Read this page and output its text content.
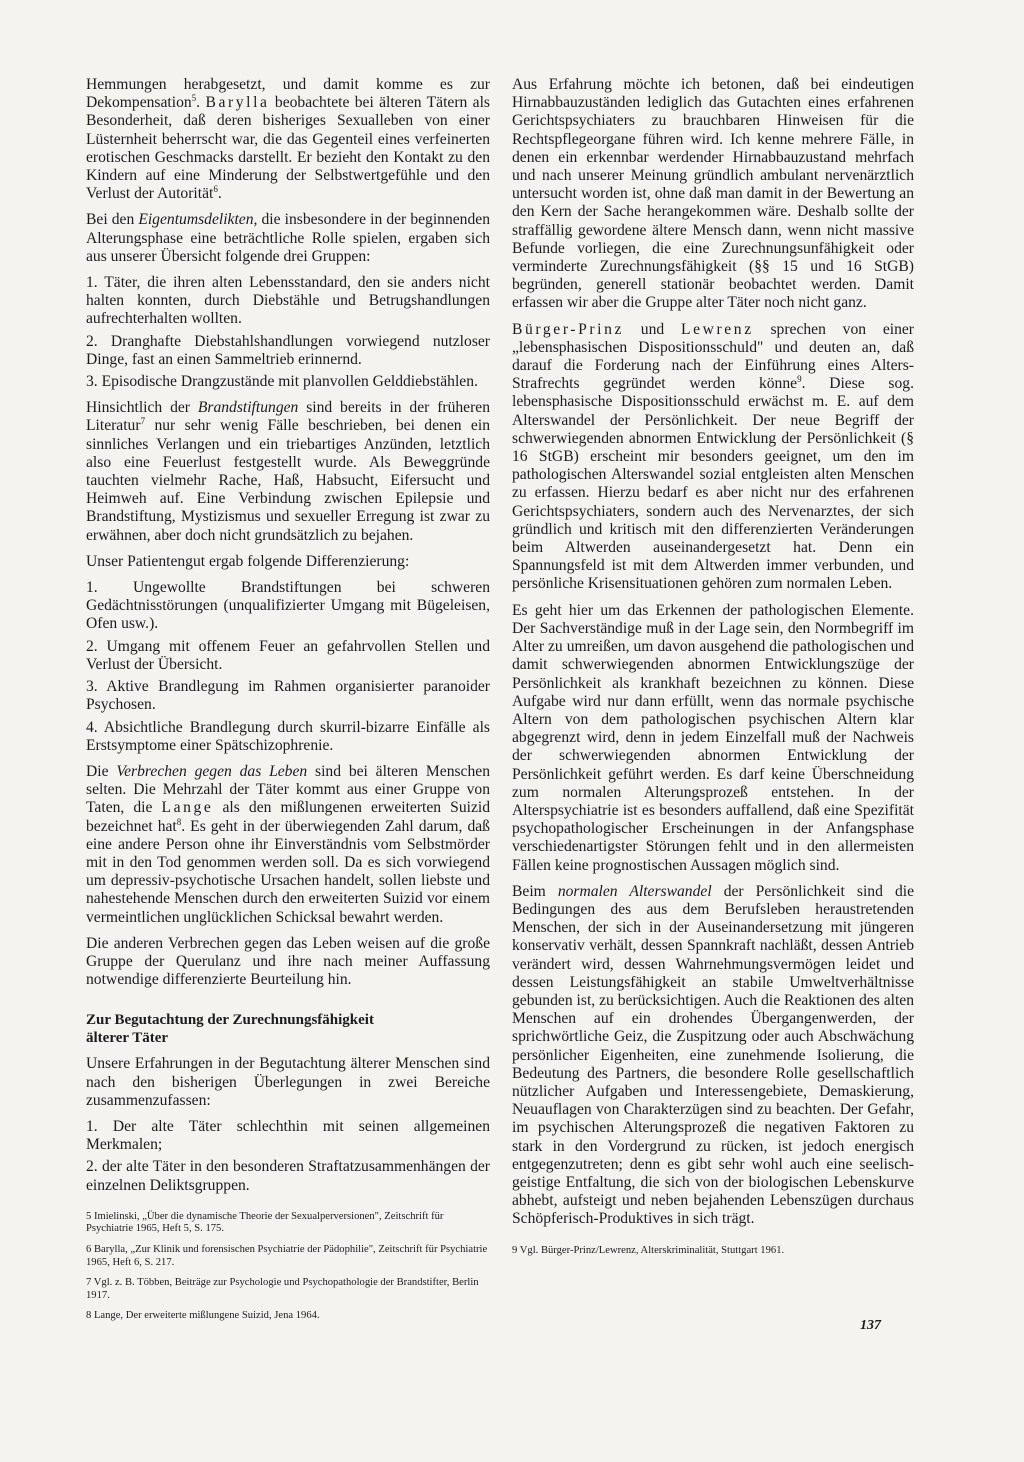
Hemmungen herabgesetzt, und damit komme es zur Dekompensation$^5$. Barylla beobachtete bei älteren Tätern als Besonderheit, daß deren bisheriges Sexualleben von einer Lüsternheit beherrscht war, die das Gegenteil eines verfeinerten erotischen Geschmacks darstellt. Er bezieht den Kontakt zu den Kindern auf eine Minderung der Selbstwertgefühle und den Verlust der Autorität$^6$.

Bei den Eigentumsdelikten, die insbesondere in der beginnenden Alterungsphase eine beträchtliche Rolle spielen, ergaben sich aus unserer Übersicht folgende drei Gruppen:

1. Täter, die ihren alten Lebensstandard, den sie anders nicht halten konnten, durch Diebstähle und Betrugshandlungen aufrechterhalten wollten.

2. Dranghafte Diebstahlshandlungen vorwiegend nutzloser Dinge, fast an einen Sammeltrieb erinnernd.

3. Episodische Drangzustände mit planvollen Gelddiebstählen.

Hinsichtlich der Brandstiftungen sind bereits in der früheren Literatur$^7$ nur sehr wenig Fälle beschrieben, bei denen ein sinnliches Verlangen und ein triebartiges Anzünden, letztlich also eine Feuerlust festgestellt wurde. Als Beweggründe tauchten vielmehr Rache, Haß, Habsucht, Eifersucht und Heimweh auf. Eine Verbindung zwischen Epilepsie und Brandstiftung, Mystizismus und sexueller Erregung ist zwar zu erwähnen, aber doch nicht grundsätzlich zu bejahen.

Unser Patientengut ergab folgende Differenzierung:

1. Ungewollte Brandstiftungen bei schweren Gedächtnisstörungen (unqualifizierter Umgang mit Bügeleisen, Ofen usw.).

2. Umgang mit offenem Feuer an gefahrvollen Stellen und Verlust der Übersicht.

3. Aktive Brandlegung im Rahmen organisierter paranoider Psychosen.

4. Absichtliche Brandlegung durch skurril-bizarre Einfälle als Erstsymptome einer Spätschizophrenie.

Die Verbrechen gegen das Leben sind bei älteren Menschen selten. Die Mehrzahl der Täter kommt aus einer Gruppe von Taten, die Lange als den mißlungenen erweiterten Suizid bezeichnet hat$^8$. Es geht in der überwiegenden Zahl darum, daß eine andere Person ohne ihr Einverständnis vom Selbstmörder mit in den Tod genommen werden soll. Da es sich vorwiegend um depressiv-psychotische Ursachen handelt, sollen liebste und nahestehende Menschen durch den erweiterten Suizid vor einem vermeintlichen unglücklichen Schicksal bewahrt werden.

Die anderen Verbrechen gegen das Leben weisen auf die große Gruppe der Querulanz und ihre nach meiner Auffassung notwendige differenzierte Beurteilung hin.

Zur Begutachtung der Zurechnungsfähigkeit
älterer Täter

Unsere Erfahrungen in der Begutachtung älterer Menschen sind nach den bisherigen Überlegungen in zwei Bereiche zusammenzufassen:

1. Der alte Täter schlechthin mit seinen allgemeinen Merkmalen;

2. der alte Täter in den besonderen Straftatzusammenhängen der einzelnen Deliktsgruppen.

5 Imielinski, „Über die dynamische Theorie der Sexualperversionen", Zeitschrift für Psychiatrie 1965, Heft 5, S. 175.

6 Barylla, „Zur Klinik und forensischen Psychiatrie der Pädophilie", Zeitschrift für Psychiatrie 1965, Heft 6, S. 217.

7 Vgl. z. B. Többen, Beiträge zur Psychologie und Psychopathologie der Brandstifter, Berlin 1917.

8 Lange, Der erweiterte mißlungene Suizid, Jena 1964.

Aus Erfahrung möchte ich betonen, daß bei eindeutigen Hirnabbauzuständen lediglich das Gutachten eines erfahrenen Gerichtspsychiaters zu brauchbaren Hinweisen für die Rechtspflegeorgane führen wird. Ich kenne mehrere Fälle, in denen ein erkennbar werdender Hirnabbauzustand mehrfach und nach unserer Meinung gründlich ambulant nervenärztlich untersucht worden ist, ohne daß man damit in der Bewertung an den Kern der Sache herangekommen wäre. Deshalb sollte der straffällig gewordene ältere Mensch dann, wenn nicht massive Befunde vorliegen, die eine Zurechnungsunfähigkeit oder verminderte Zurechnungsfähigkeit (§§ 15 und 16 StGB) begründen, generell stationär beobachtet werden. Damit erfassen wir aber die Gruppe alter Täter noch nicht ganz.

Bürger-Prinz und Lewrenz sprechen von einer „lebensphasischen Dispositionsschuld" und deuten an, daß darauf die Forderung nach der Einführung eines Alters-Strafrechts gegründet werden könne$^9$. Diese sog. lebensphasische Dispositionsschuld erwächst m. E. auf dem Alterswandel der Persönlichkeit. Der neue Begriff der schwerwiegenden abnormen Entwicklung der Persönlichkeit (§ 16 StGB) erscheint mir besonders geeignet, um den im pathologischen Alterswandel sozial entgleisten alten Menschen zu erfassen. Hierzu bedarf es aber nicht nur des erfahrenen Gerichtspsychiaters, sondern auch des Nervenarztes, der sich gründlich und kritisch mit den differenzierten Veränderungen beim Altwerden auseinandergesetzt hat. Denn ein Spannungsfeld ist mit dem Altwerden immer verbunden, und persönliche Krisensituationen gehören zum normalen Leben.

Es geht hier um das Erkennen der pathologischen Elemente. Der Sachverständige muß in der Lage sein, den Normbegriff im Alter zu umreißen, um davon ausgehend die pathologischen und damit schwerwiegenden abnormen Entwicklungszüge der Persönlichkeit als krankhaft bezeichnen zu können. Diese Aufgabe wird nur dann erfüllt, wenn das normale psychische Altern von dem pathologischen psychischen Altern klar abgegrenzt wird, denn in jedem Einzelfall muß der Nachweis der schwerwiegenden abnormen Entwicklung der Persönlichkeit geführt werden. Es darf keine Überschneidung zum normalen Alterungsprozeß entstehen. In der Alterspsychiatrie ist es besonders auffallend, daß eine Spezifität psychopathologischer Erscheinungen in der Anfangsphase verschiedenartigster Störungen fehlt und in den allermeisten Fällen keine prognostischen Aussagen möglich sind.

Beim normalen Alterswandel der Persönlichkeit sind die Bedingungen des aus dem Berufsleben heraustretenden Menschen, der sich in der Auseinandersetzung mit jüngeren konservativ verhält, dessen Spannkraft nachläßt, dessen Antrieb verändert wird, dessen Wahrnehmungsvermögen leidet und dessen Leistungsfähigkeit an stabile Umweltverhältnisse gebunden ist, zu berücksichtigen. Auch die Reaktionen des alten Menschen auf ein drohendes Übergangenwerden, der sprichwörtliche Geiz, die Zuspitzung oder auch Abschwächung persönlicher Eigenheiten, eine zunehmende Isolierung, die Bedeutung des Partners, die besondere Rolle gesellschaftlich nützlicher Aufgaben und Interessengebiete, Demaskierung, Neuauflagen von Charakterzügen sind zu beachten. Der Gefahr, im psychischen Alterungsprozeß die negativen Faktoren zu stark in den Vordergrund zu rücken, ist jedoch energisch entgegenzutreten; denn es gibt sehr wohl auch eine seelisch-geistige Entfaltung, die sich von der biologischen Lebenskurve abhebt, aufsteigt und neben bejahenden Lebenszügen durchaus Schöpferisch-Produktives in sich trägt.

9 Vgl. Bürger-Prinz/Lewrenz, Alterskriminalität, Stuttgart 1961.

137
